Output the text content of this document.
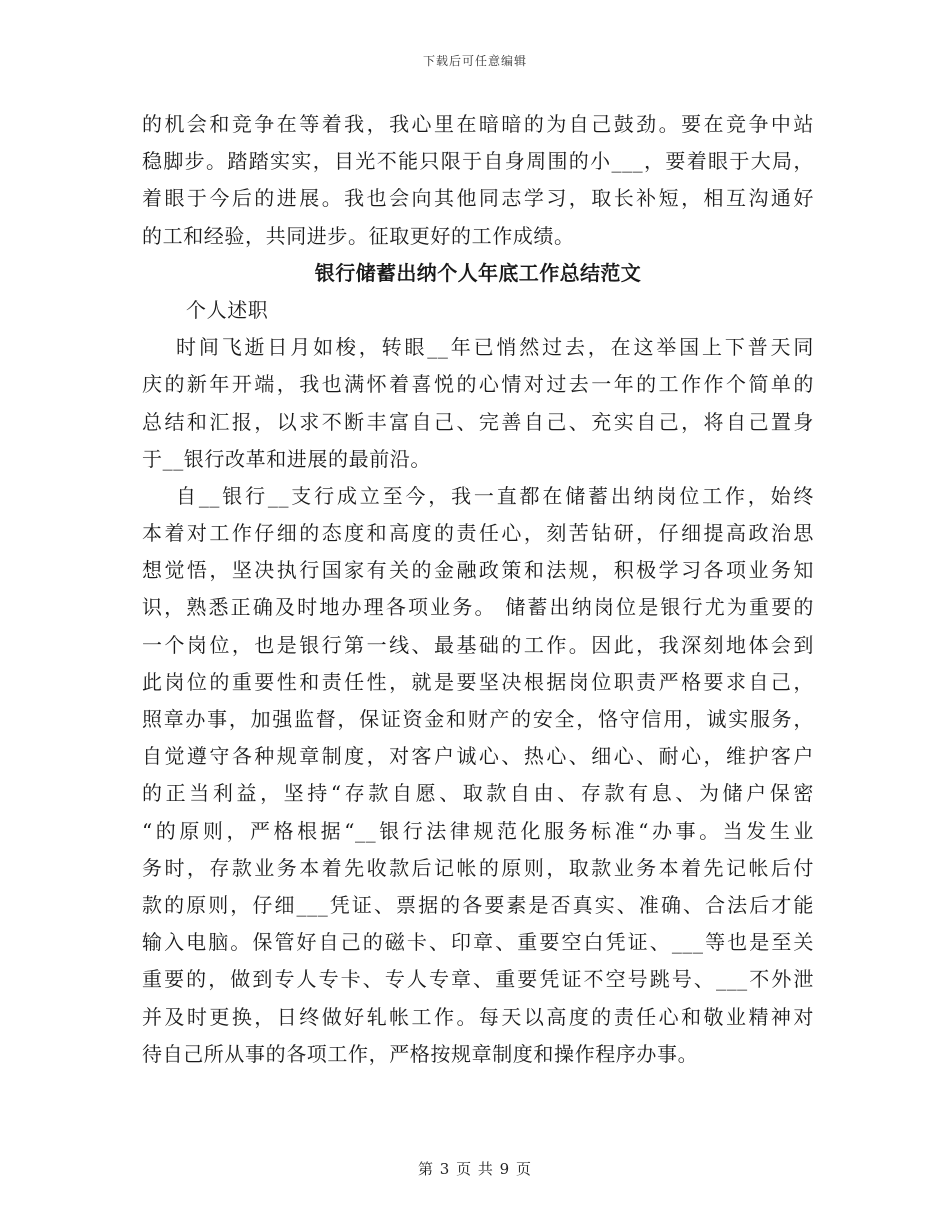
下载后可任意编辑
的机会和竞争在等着我，我心里在暗暗的为自己鼓劲。要在竞争中站
稳脚步。踏踏实实，目光不能只限于自身周围的小___，要着眼于大局，
着眼于今后的进展。我也会向其他同志学习，取长补短，相互沟通好
的工和经验，共同进步。征取更好的工作成绩。
银行储蓄出纳个人年底工作总结范文
个人述职
时间飞逝日月如梭，转眼__年已悄然过去，在这举国上下普天同
庆的新年开端，我也满怀着喜悦的心情对过去一年的工作作个简单的
总结和汇报，以求不断丰富自己、完善自己、充实自己，将自己置身
于__银行改革和进展的最前沿。
自__银行__支行成立至今，我一直都在储蓄出纳岗位工作，始终
本着对工作仔细的态度和高度的责任心，刻苦钻研，仔细提高政治思
想觉悟，坚决执行国家有关的金融政策和法规，积极学习各项业务知
识，熟悉正确及时地办理各项业务。 储蓄出纳岗位是银行尤为重要的
一个岗位，也是银行第一线、最基础的工作。因此，我深刻地体会到
此岗位的重要性和责任性，就是要坚决根据岗位职责严格要求自己，
照章办事，加强监督，保证资金和财产的安全，恪守信用，诚实服务，
自觉遵守各种规章制度，对客户诚心、热心、细心、耐心，维护客户
的正当利益，坚持“存款自愿、取款自由、存款有息、为储户保密
“的原则，严格根据“__银行法律规范化服务标准“办事。当发生业
务时，存款业务本着先收款后记帐的原则，取款业务本着先记帐后付
款的原则，仔细___凭证、票据的各要素是否真实、准确、合法后才能
输入电脑。保管好自己的磁卡、印章、重要空白凭证、___等也是至关
重要的，做到专人专卡、专人专章、重要凭证不空号跳号、___不外泄
并及时更换，日终做好轧帐工作。每天以高度的责任心和敬业精神对
待自己所从事的各项工作，严格按规章制度和操作程序办事。
第 3 页 共 9 页
